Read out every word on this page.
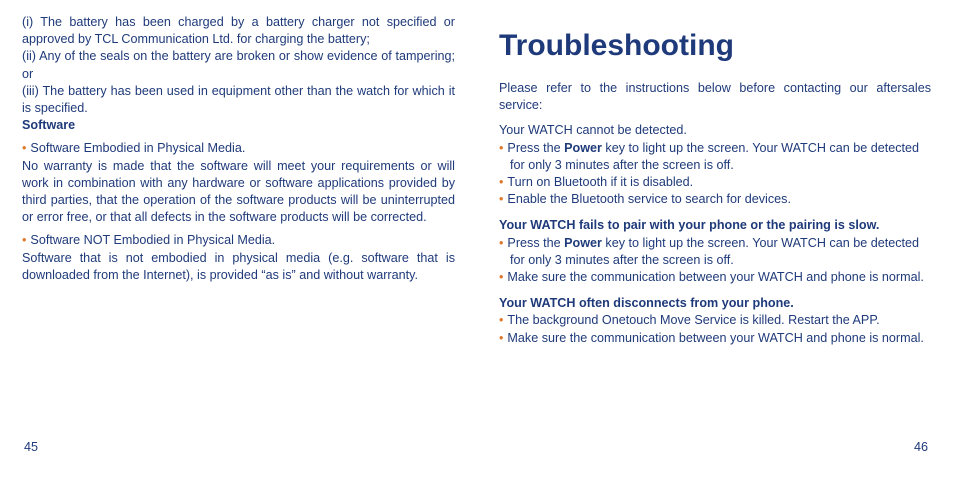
(i) The battery has been charged by a battery charger not specified or approved by TCL Communication Ltd. for charging the battery;

(ii) Any of the seals on the battery are broken or show evidence of tampering; or

(iii) The battery has been used in equipment other than the watch for which it is specified.

Software

• Software Embodied in Physical Media.

No warranty is made that the software will meet your requirements or will work in combination with any hardware or software applications provided by third parties, that the operation of the software products will be uninterrupted or error free, or that all defects in the software products will be corrected.

• Software NOT Embodied in Physical Media.

Software that is not embodied in physical media (e.g. software that is downloaded from the Internet), is provided “as is” and without warranty.

Troubleshooting

Please refer to the instructions below before contacting our aftersales service:

Your WATCH cannot be detected.

• Press the Power key to light up the screen. Your WATCH can be detected for only 3 minutes after the screen is off.
• Turn on Bluetooth if it is disabled.
• Enable the Bluetooth service to search for devices.

Your WATCH fails to pair with your phone or the pairing is slow.

• Press the Power key to light up the screen. Your WATCH can be detected for only 3 minutes after the screen is off.
• Make sure the communication between your WATCH and phone is normal.

Your WATCH often disconnects from your phone.

• The background Onetouch Move Service is killed. Restart the APP.
• Make sure the communication between your WATCH and phone is normal.
45	46
